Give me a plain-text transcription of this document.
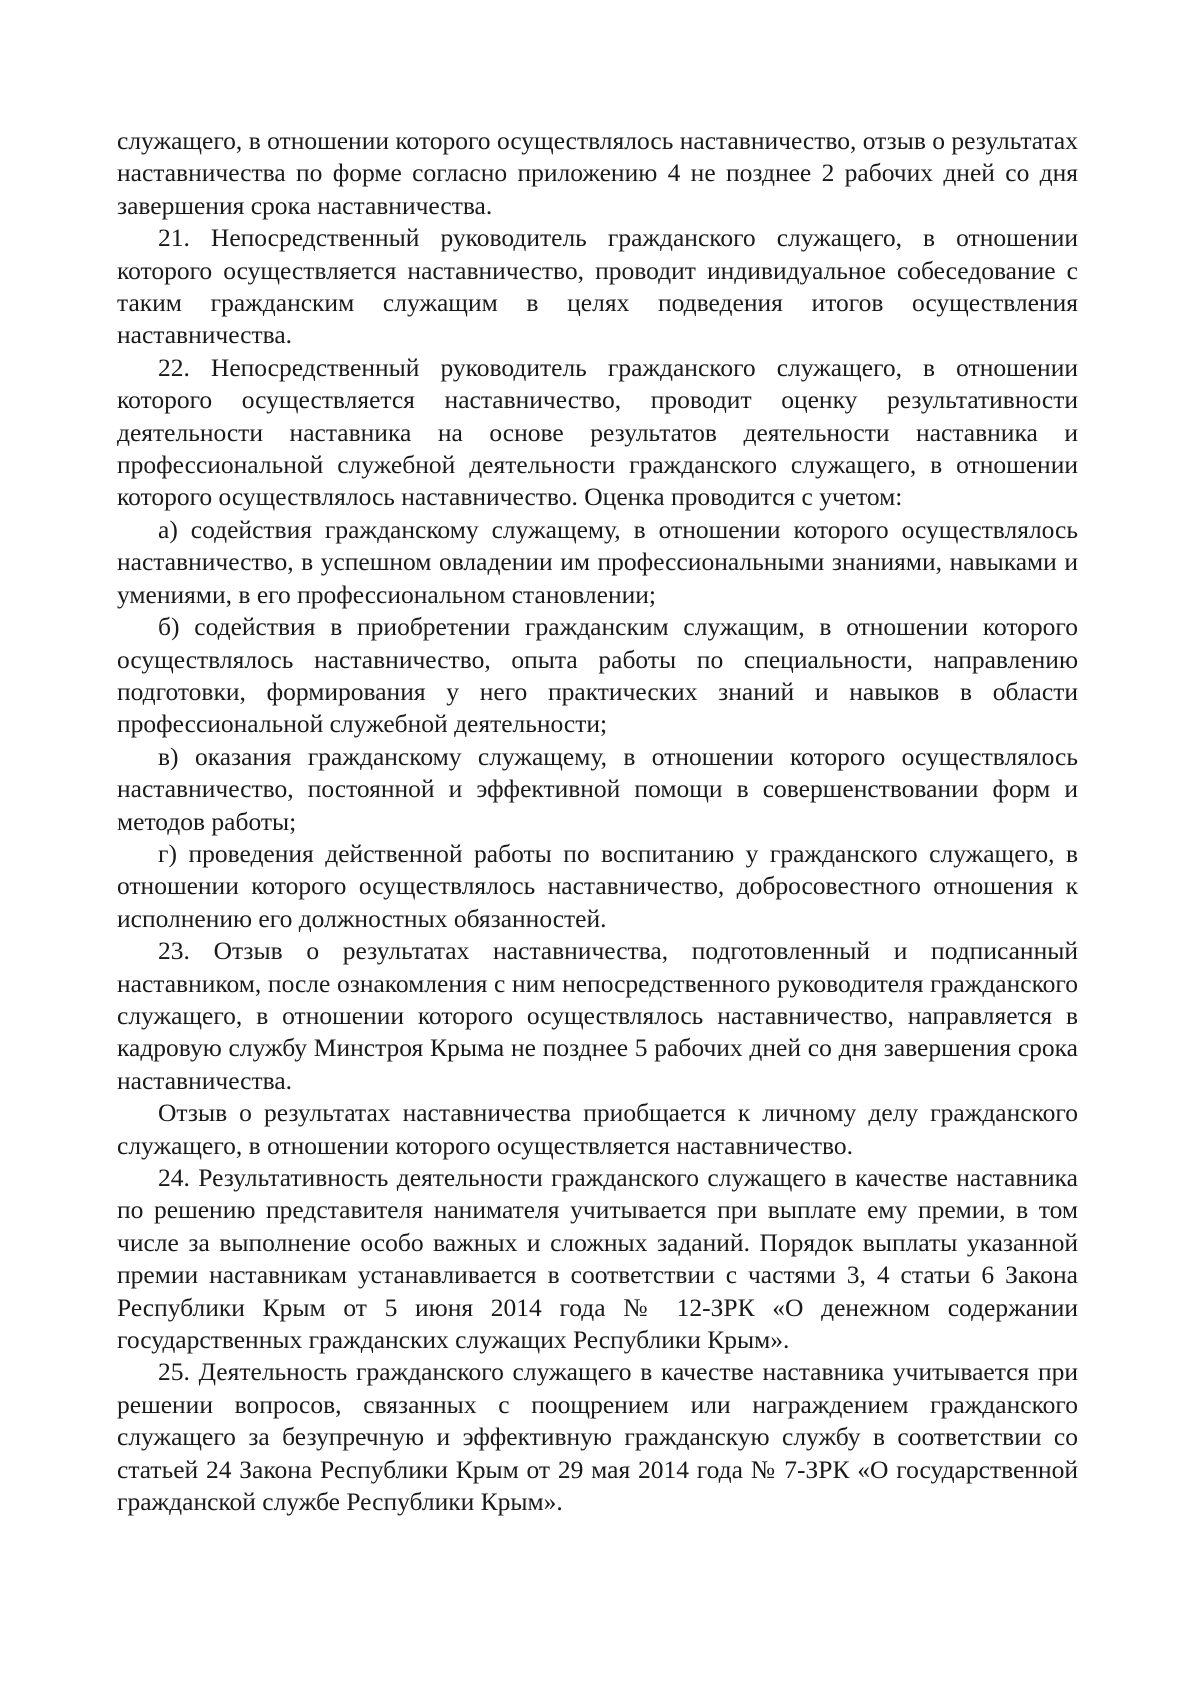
служащего, в отношении которого осуществлялось наставничество, отзыв о результатах наставничества по форме согласно приложению 4 не позднее 2 рабочих дней со дня завершения срока наставничества.

21. Непосредственный руководитель гражданского служащего, в отношении которого осуществляется наставничество, проводит индивидуальное собеседование с таким гражданским служащим в целях подведения итогов осуществления наставничества.

22. Непосредственный руководитель гражданского служащего, в отношении которого осуществляется наставничество, проводит оценку результативности деятельности наставника на основе результатов деятельности наставника и профессиональной служебной деятельности гражданского служащего, в отношении которого осуществлялось наставничество. Оценка проводится с учетом:

а) содействия гражданскому служащему, в отношении которого осуществлялось наставничество, в успешном овладении им профессиональными знаниями, навыками и умениями, в его профессиональном становлении;

б) содействия в приобретении гражданским служащим, в отношении которого осуществлялось наставничество, опыта работы по специальности, направлению подготовки, формирования у него практических знаний и навыков в области профессиональной служебной деятельности;

в) оказания гражданскому служащему, в отношении которого осуществлялось наставничество, постоянной и эффективной помощи в совершенствовании форм и методов работы;

г) проведения действенной работы по воспитанию у гражданского служащего, в отношении которого осуществлялось наставничество, добросовестного отношения к исполнению его должностных обязанностей.

23. Отзыв о результатах наставничества, подготовленный и подписанный наставником, после ознакомления с ним непосредственного руководителя гражданского служащего, в отношении которого осуществлялось наставничество, направляется в кадровую службу Минстроя Крыма не позднее 5 рабочих дней со дня завершения срока наставничества.

Отзыв о результатах наставничества приобщается к личному делу гражданского служащего, в отношении которого осуществляется наставничество.

24. Результативность деятельности гражданского служащего в качестве наставника по решению представителя нанимателя учитывается при выплате ему премии, в том числе за выполнение особо важных и сложных заданий. Порядок выплаты указанной премии наставникам устанавливается в соответствии с частями 3, 4 статьи 6 Закона Республики Крым от 5 июня 2014 года № 12-ЗРК «О денежном содержании государственных гражданских служащих Республики Крым».

25. Деятельность гражданского служащего в качестве наставника учитывается при решении вопросов, связанных с поощрением или награждением гражданского служащего за безупречную и эффективную гражданскую службу в соответствии со статьей 24 Закона Республики Крым от 29 мая 2014 года № 7-ЗРК «О государственной гражданской службе Республики Крым».
